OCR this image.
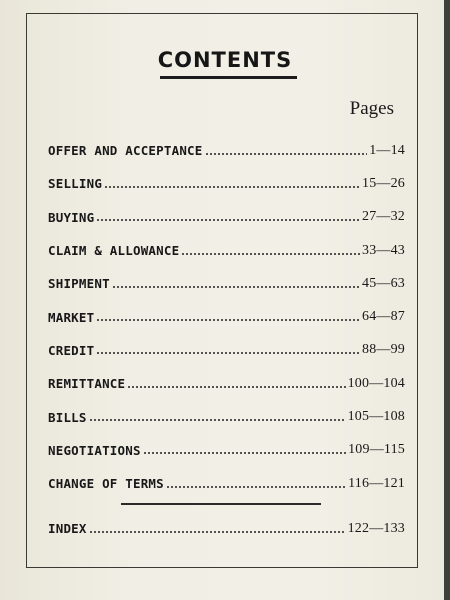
CONTENTS
Pages
OFFER AND ACCEPTANCE	1—14
SELLING	15—26
BUYING	27—32
CLAIM & ALLOWANCE	33—43
SHIPMENT	45—63
MARKET	64—87
CREDIT	88—99
REMITTANCE	100—104
BILLS	105—108
NEGOTIATIONS	109—115
CHANGE OF TERMS	116—121
INDEX	122—133
